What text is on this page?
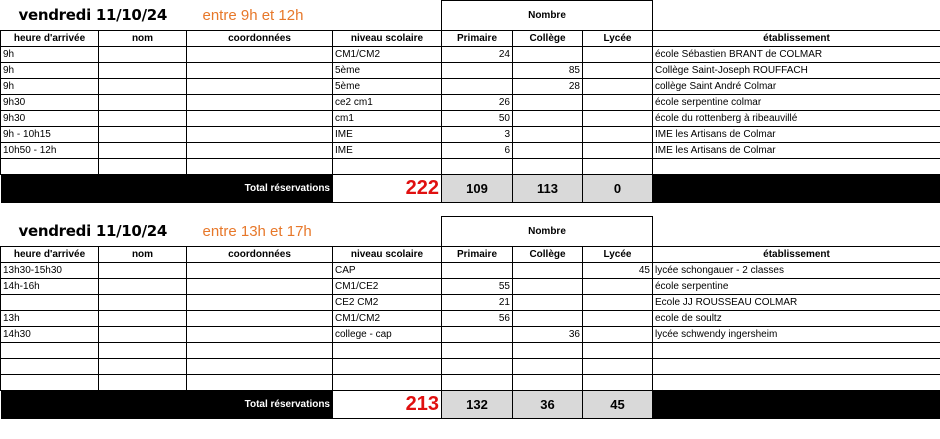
vendredi 11/10/24		entre 9h et 12h		Nombre			
heure d'arrivée	nom	coordonnées	niveau scolaire	Primaire	Collège	Lycée	établissement
9h			CM1/CM2	24			école Sébastien BRANT de COLMAR
9h			5ème		85		Collège Saint-Joseph ROUFFACH
9h			5ème		28		collège Saint André Colmar
9h30			ce2 cm1	26			école serpentine colmar
9h30			cm1	50			école du rottenberg à ribeauvillé
9h - 10h15			IME	3			IME les Artisans de Colmar
10h50 - 12h			IME	6			IME les Artisans de Colmar

Total réservations			222	109	113	0	
vendredi 11/10/24		entre 13h et 17h		Nombre			
heure d'arrivée	nom	coordonnées	niveau scolaire	Primaire	Collège	Lycée	établissement
13h30-15h30			CAP			45	lycée schongauer - 2 classes
14h-16h			CM1/CE2	55			école serpentine
			CE2 CM2	21			Ecole JJ ROUSSEAU COLMAR
13h			CM1/CM2	56			ecole de soultz
14h30			college - cap		36		lycée schwendy ingersheim

Total réservations			213	132	36	45	
